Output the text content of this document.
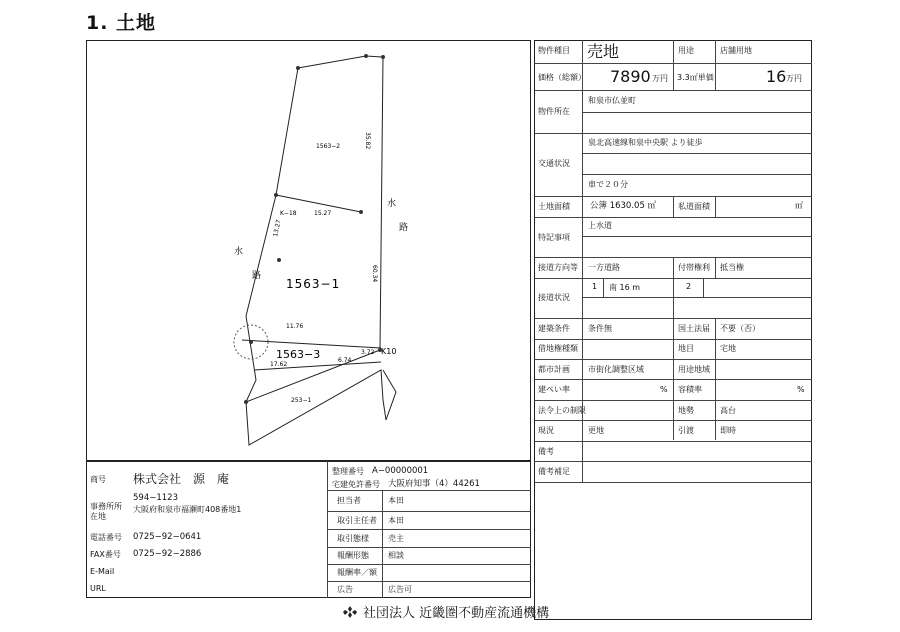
1. 土地
1563−1
1563−3
1563−2
253−1
水
路
水
路
60.34
35.82
11.76
17.62
6.74
3.72
K−18
K10
15.27
13.27
物件種目 売地	用途	店舗用地
価格（総額） 7890 万円 3.3㎡単価	16 万円
物件所在
和泉市仏並町
交通状況
泉北高速線和泉中央駅 より徒歩
車で２０分
土地面積 公簿 1630.05 ㎡	私道面積	㎡
特記事項
上水道
接道方向等 一方道路	付帯権利 抵当権
接道状況
1 南 16 m	2
建築条件 条件無	国土法届 不要（否）
借地権種類	地目	宅地
都市計画 市街化調整区域	用途地域
建ぺい率	% 容積率	%
法令上の制限	地勢	高台
現況	更地	引渡	即時
備考
備考補足
商号 株式会社　源　庵
事務所所在地
594−1123
大阪府和泉市福瀬町408番地1
電話番号 0725−92−0641
FAX番号 0725−92−2886
E-Mail
URL
整理番号 A−00000001
宅建免許番号 大阪府知事（4）44261
担当者	本田
取引主任者 本田
取引態様 売主
報酬形態 相談
報酬率／額
広告	広告可
社団法人 近畿圏不動産流通機構
